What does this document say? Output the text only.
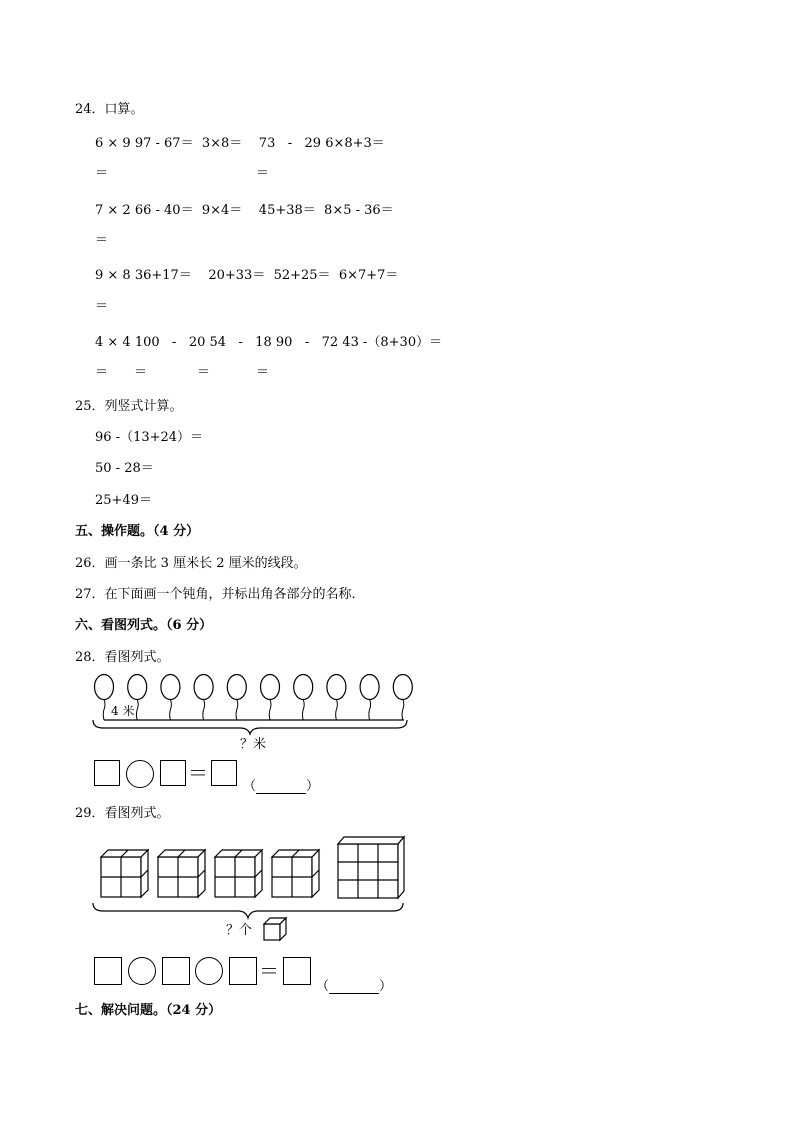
24．口算。
6 × 9 97 - 67＝  3×8＝    73   -   29 6×8+3＝
＝	＝
7 × 2 66 - 40＝  9×4＝    45+38＝  8×5 - 36＝
＝
9 × 8 36+17＝    20+33＝  52+25＝  6×7+7＝
＝
4 × 4 100   -   20 54   -   18 90   -   72 43 -（8+30）＝
＝ ＝	＝	＝
25．列竖式计算。
96 -（13+24）＝
50 - 28＝
25+49＝
五、操作题。（4 分）
26．画一条比 3 厘米长 2 厘米的线段。
27．在下面画一个钝角，并标出角各部分的名称．
六、看图列式。（6 分）
28．看图列式。
4 米
？米
＝
（	）
29．看图列式。
？个
＝
（	）
七、解决问题。（24 分）
